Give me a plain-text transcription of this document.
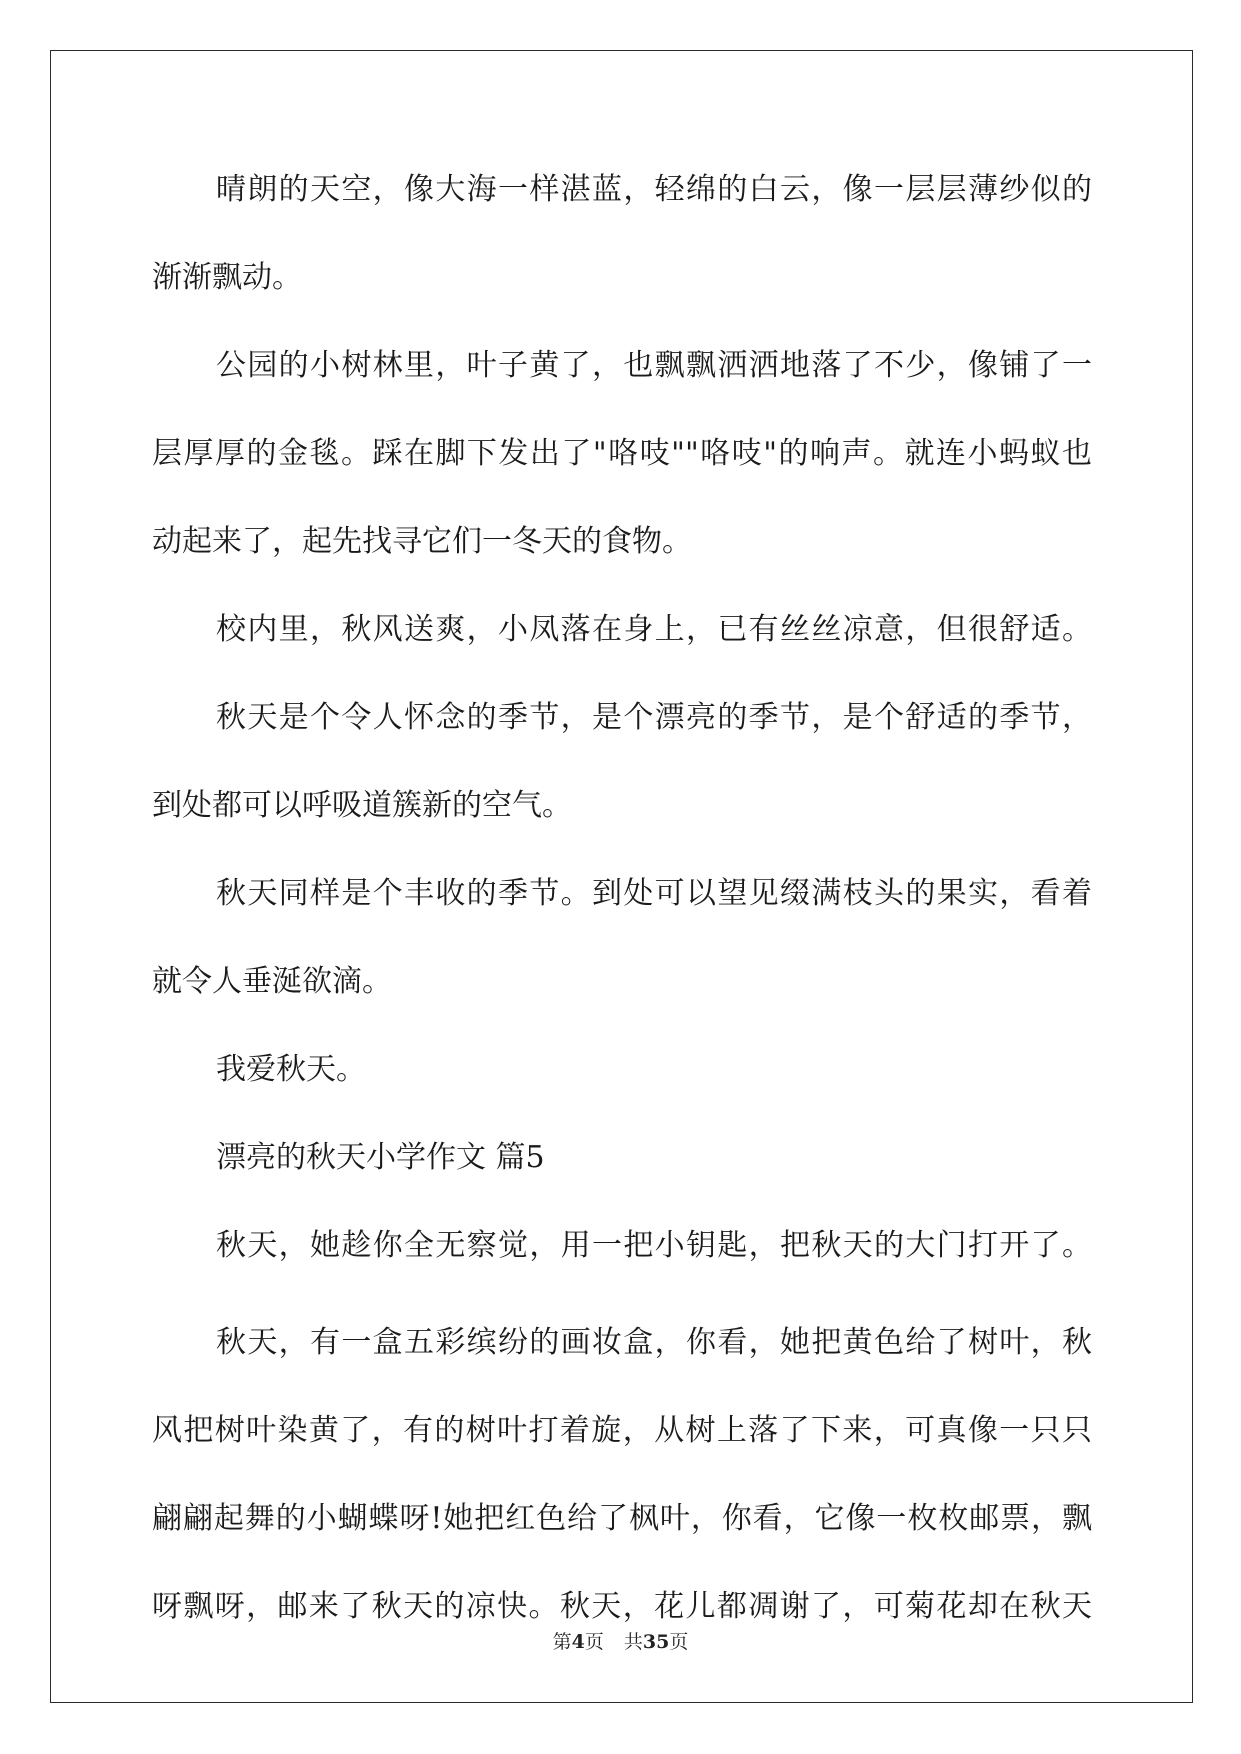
晴朗的天空，像大海一样湛蓝，轻绵的白云，像一层层薄纱似的
渐渐飘动。
公园的小树林里，叶子黄了，也飘飘洒洒地落了不少，像铺了一
层厚厚的金毯。踩在脚下发出了"咯吱""咯吱"的响声。就连小蚂蚁也
动起来了，起先找寻它们一冬天的食物。
校内里，秋风送爽，小凤落在身上，已有丝丝凉意，但很舒适。
秋天是个令人怀念的季节，是个漂亮的季节，是个舒适的季节，
到处都可以呼吸道簇新的空气。
秋天同样是个丰收的季节。到处可以望见缀满枝头的果实，看着
就令人垂涎欲滴。
我爱秋天。
漂亮的秋天小学作文 篇5
秋天，她趁你全无察觉，用一把小钥匙，把秋天的大门打开了。
秋天，有一盒五彩缤纷的画妆盒，你看，她把黄色给了树叶，秋
风把树叶染黄了，有的树叶打着旋，从树上落了下来，可真像一只只
翩翩起舞的小蝴蝶呀!她把红色给了枫叶，你看，它像一枚枚邮票，飘
呀飘呀，邮来了秋天的凉快。秋天，花儿都凋谢了，可菊花却在秋天
第4页 共35页
